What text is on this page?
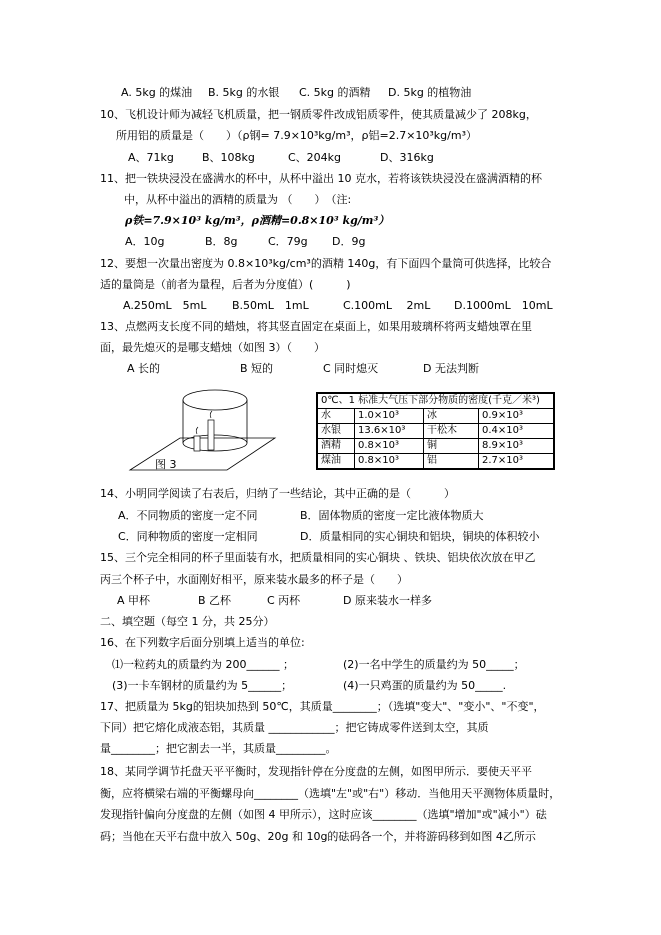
A. 5kg 的煤油 B. 5kg 的水银 C. 5kg 的酒精 D. 5kg 的植物油
10、飞机设计师为减轻飞机质量，把一钢质零件改成铝质零件，使其质量减少了 208kg，
所用铝的质量是（　　）（ρ钢= 7.9×10³kg/m³，ρ铝=2.7×10³kg/m³）
A、71kg	B、108kg	C、204kg	D、316kg
11、把一铁块浸没在盛满水的杯中，从杯中溢出 10 克水，若将该铁块浸没在盛满酒精的杯
中，从杯中溢出的酒精的质量为 （　　）　（注:
ρ铁=7.9×10³ kg/m³，ρ酒精=0.8×10³ kg/m³）
A．10g	B．8g	C．79g D．9g
12、要想一次量出密度为 0.8×10³kg/cm³的酒精 140g，有下面四个量筒可供选择，比较合
适的量筒是（前者为量程，后者为分度值）(　　　)
A.250mL　5mL B.50mL　1mL	C.100mL　 2mL D.1000mL　10mL
13、点燃两支长度不同的蜡烛，将其竖直固定在桌面上，如果用玻璃杯将两支蜡烛罩在里
面，最先熄灭的是哪支蜡烛（如图 3）（　　）
A 长的	B 短的	C 同时熄灭	D 无法判断
图 3
0℃、1 标准大气压下部分物质的密度(千克／米³)			
水	1.0×10³	冰	0.9×10³
水银	13.6×10³	干松木	0.4×10³
酒精	0.8×10³	铜	8.9×10³
煤油	0.8×10³	铝	2.7×10³
14、小明同学阅读了右表后，归纳了一些结论，其中正确的是（　　　）
A．不同物质的密度一定不同	B．固体物质的密度一定比液体物质大
C．同种物质的密度一定相同	D．质量相同的实心铜块和铝块，铜块的体积较小
15、三个完全相同的杯子里面装有水，把质量相同的实心铜块 、铁块、铝块依次放在甲乙
丙三个杯子中，水面刚好相平，原来装水最多的杯子是（　　）
A 甲杯	B 乙杯	C 丙杯	D 原来装水一样多
二、填空题（每空 1 分，共 25分）
16、在下列数字后面分别填上适当的单位:
⑴一粒药丸的质量约为 200______ ；	(2)一名中学生的质量约为 50_____；
(3)一卡车钢材的质量约为 5______；	(4)一只鸡蛋的质量约为 50_____.
17、把质量为 5kg的铝块加热到 50℃，其质量________；（选填"变大"、"变小"、"不变"，
下同）把它熔化成液态铝，其质量 ____________；把它铸成零件送到太空，其质
量________；把它割去一半，其质量_________。
18、某同学调节托盘天平平衡时，发现指针停在分度盘的左侧，如图甲所示．要使天平平
衡，应将横梁右端的平衡螺母向________（选填"左"或"右"）移动．当他用天平测物体质量时，
发现指针偏向分度盘的左侧（如图 4 甲所示），这时应该________（选填"增加"或"减小"）砝
码；当他在天平右盘中放入 50g、20g 和 10g的砝码各一个，并将游码移到如图 4乙所示
